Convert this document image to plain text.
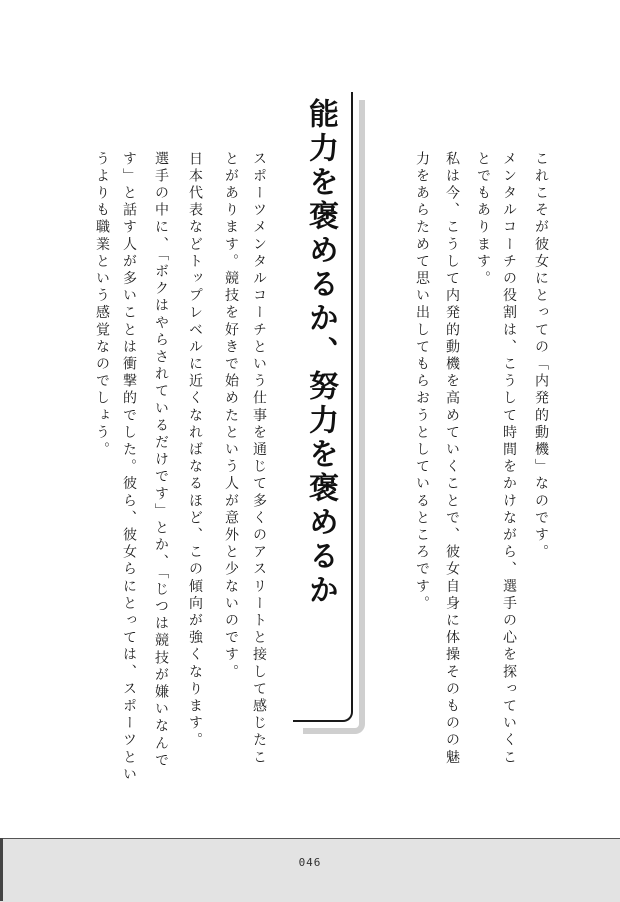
これこそが彼女にとっての「内発的動機」なのです。

メンタルコーチの役割は、こうして時間をかけながら、選手の心を探っていくこ

とでもあります。

私は今、こうして内発的動機を高めていくことで、彼女自身に体操そのものの魅

力をあらためて思い出してもらおうとしているところです。

能力を褒めるか、努力を褒めるか

スポーツメンタルコーチという仕事を通じて多くのアスリートと接して感じたこ

とがあります。競技を好きで始めたという人が意外と少ないのです。

日本代表などトップレベルに近くなればなるほど、この傾向が強くなります。

選手の中に、「ボクはやらされているだけです」とか、「じつは競技が嫌いなんで

す」と話す人が多いことは衝撃的でした。彼ら、彼女らにとっては、スポーツとい

うよりも職業という感覚なのでしょう。

046
